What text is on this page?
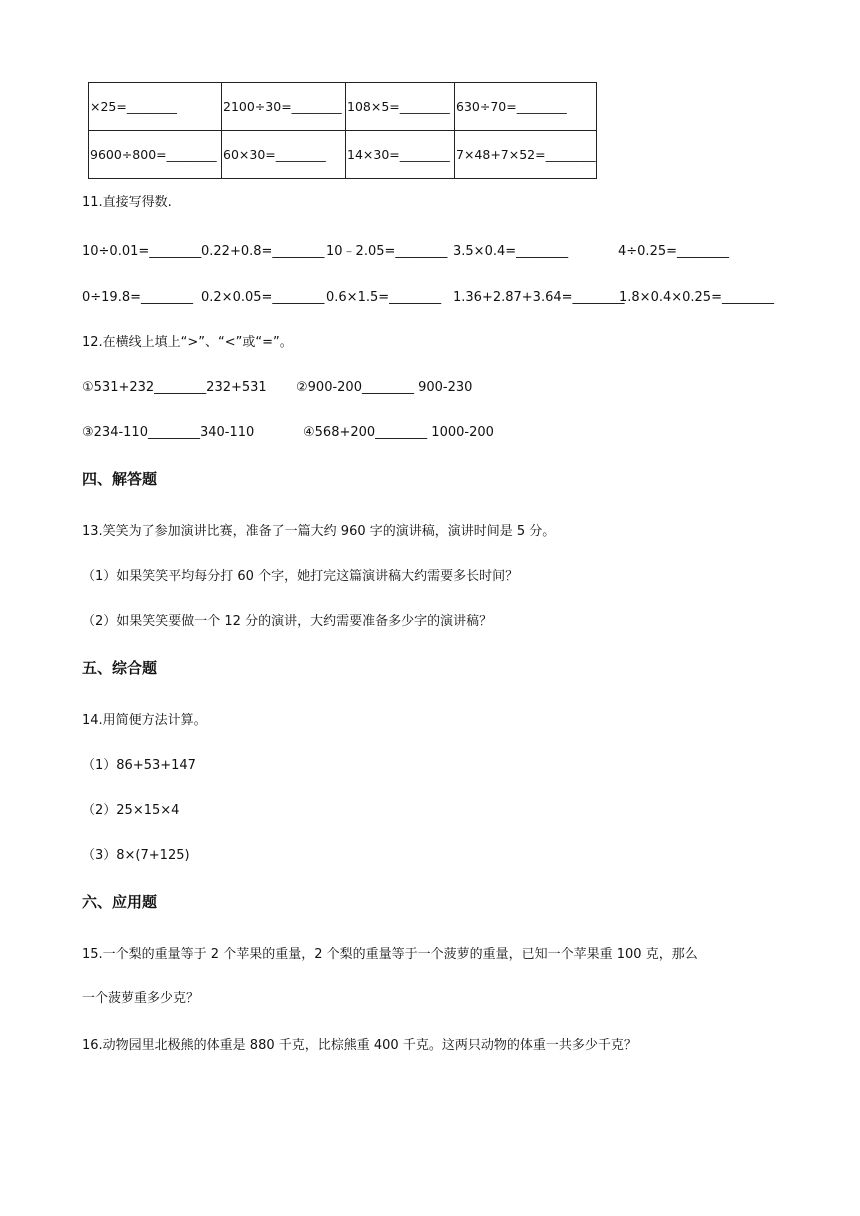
×25=________	2100÷30=________	108×5=________	630÷70=________
9600÷800=________	60×30=________	14×30=________	7×48+7×52=________
11.直接写得数.
10÷0.01=________ 0.22+0.8=________ 10﹣2.05=________ 3.5×0.4=________	4÷0.25=________
0÷19.8=________ 0.2×0.05=________ 0.6×1.5=________ 1.36+2.87+3.64=________
1.8×0.4×0.25=________
12.在横线上填上“>”、“<”或“=”。
①531+232________232+531 ②900-200________ 900-230
③234-110________340-110	④568+200________ 1000-200
四、解答题
13.笑笑为了参加演讲比赛，准备了一篇大约 960 字的演讲稿，演讲时间是 5 分。
（1）如果笑笑平均每分打 60 个字，她打完这篇演讲稿大约需要多长时间？
（2）如果笑笑要做一个 12 分的演讲，大约需要准备多少字的演讲稿？
五、综合题
14.用简便方法计算。
（1）86+53+147
（2）25×15×4
（3）8×(7+125)
六、应用题
15.一个梨的重量等于 2 个苹果的重量，2 个梨的重量等于一个菠萝的重量，已知一个苹果重 100 克，那么
一个菠萝重多少克？
16.动物园里北极熊的体重是 880 千克，比棕熊重 400 千克。这两只动物的体重一共多少千克？
